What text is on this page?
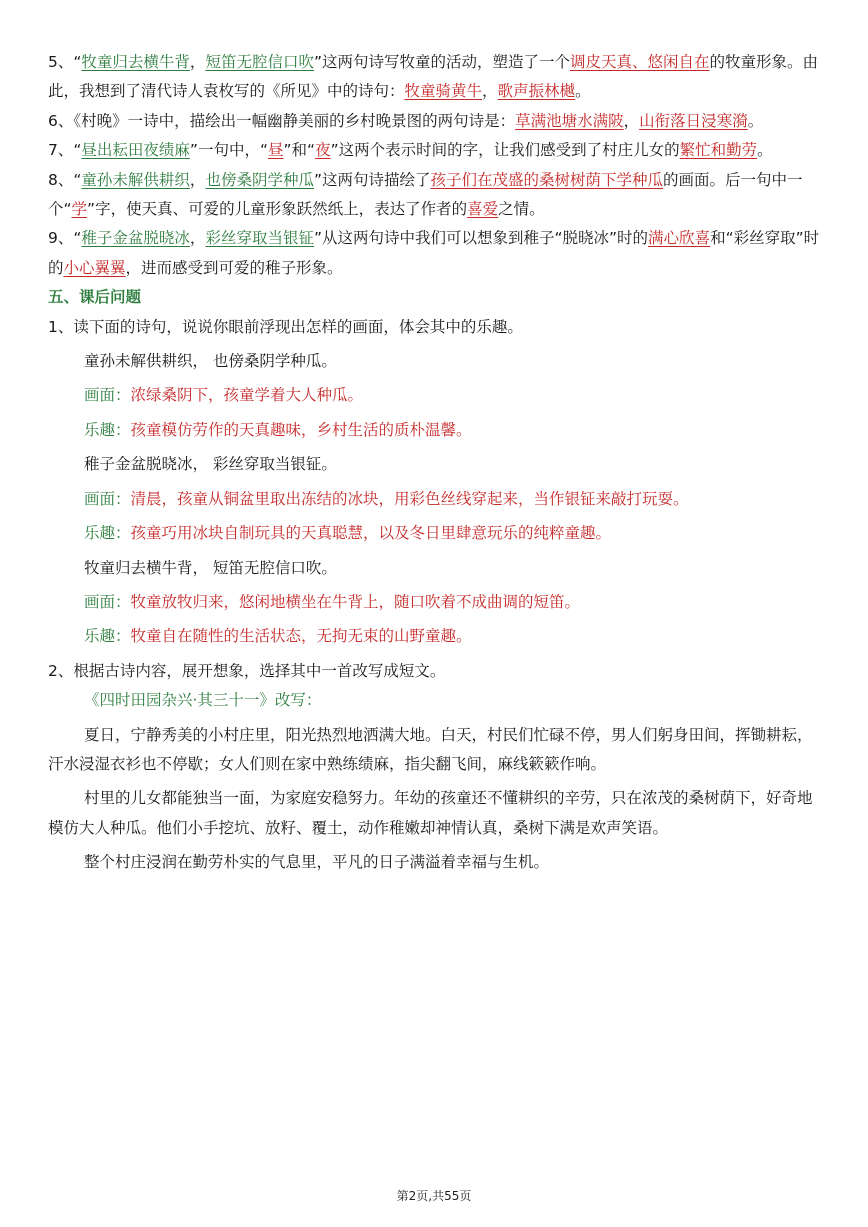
5、“牧童归去横牛背，短笛无腔信口吹”这两句诗写牧童的活动，塑造了一个调皮天真、悠闲自在的牧童形象。由此，我想到了清代诗人袁枚写的《所见》中的诗句：牧童骑黄牛，歌声振林樾。
6、《村晚》一诗中，描绘出一幅幽静美丽的乡村晚景图的两句诗是：草满池塘水满陂，山衔落日浸寒漪。
7、“昼出耘田夜绩麻”一句中，“昼”和“夜”这两个表示时间的字，让我们感受到了村庄儿女的繁忙和勤劳。
8、“童孙未解供耕织，也傍桑阴学种瓜”这两句诗描绘了孩子们在茂盛的桑树树荫下学种瓜的画面。后一句中一个“学”字，使天真、可爱的儿童形象跃然纸上，表达了作者的喜爱之情。
9、“稚子金盆脱晓冰，彩丝穿取当银钲”从这两句诗中我们可以想象到稚子“脱晓冰”时的满心欣喜和“彩丝穿取”时的小心翼翼，进而感受到可爱的稚子形象。
五、课后问题
1、读下面的诗句，说说你眼前浮现出怎样的画面，体会其中的乐趣。
童孙未解供耕织， 也傍桑阴学种瓜。
画面：浓绿桑阴下，孩童学着大人种瓜。
乐趣：孩童模仿劳作的天真趣味，乡村生活的质朴温馨。
稚子金盆脱晓冰， 彩丝穿取当银钲。
画面：清晨，孩童从铜盆里取出冻结的冰块，用彩色丝线穿起来，当作银钲来敲打玩耍。
乐趣：孩童巧用冰块自制玩具的天真聪慧，以及冬日里肆意玩乐的纯粹童趣。
牧童归去横牛背， 短笛无腔信口吹。
画面：牧童放牧归来，悠闲地横坐在牛背上，随口吹着不成曲调的短笛。
乐趣：牧童自在随性的生活状态，无拘无束的山野童趣。
2、根据古诗内容，展开想象，选择其中一首改写成短文。
《四时田园杂兴·其三十一》改写：
夏日，宁静秀美的小村庄里，阳光热烈地洒满大地。白天，村民们忙碌不停，男人们躬身田间，挥锄耕耘，汗水浸湿衣衫也不停歇；女人们则在家中熟练绩麻，指尖翻飞间，麻线簌簌作响。
村里的儿女都能独当一面，为家庭安稳努力。年幼的孩童还不懂耕织的辛劳，只在浓茂的桑树荫下，好奇地模仿大人种瓜。他们小手挖坑、放籽、覆土，动作稚嫩却神情认真，桑树下满是欢声笑语。
整个村庄浸润在勤劳朴实的气息里，平凡的日子满溢着幸福与生机。
第2页,共55页
